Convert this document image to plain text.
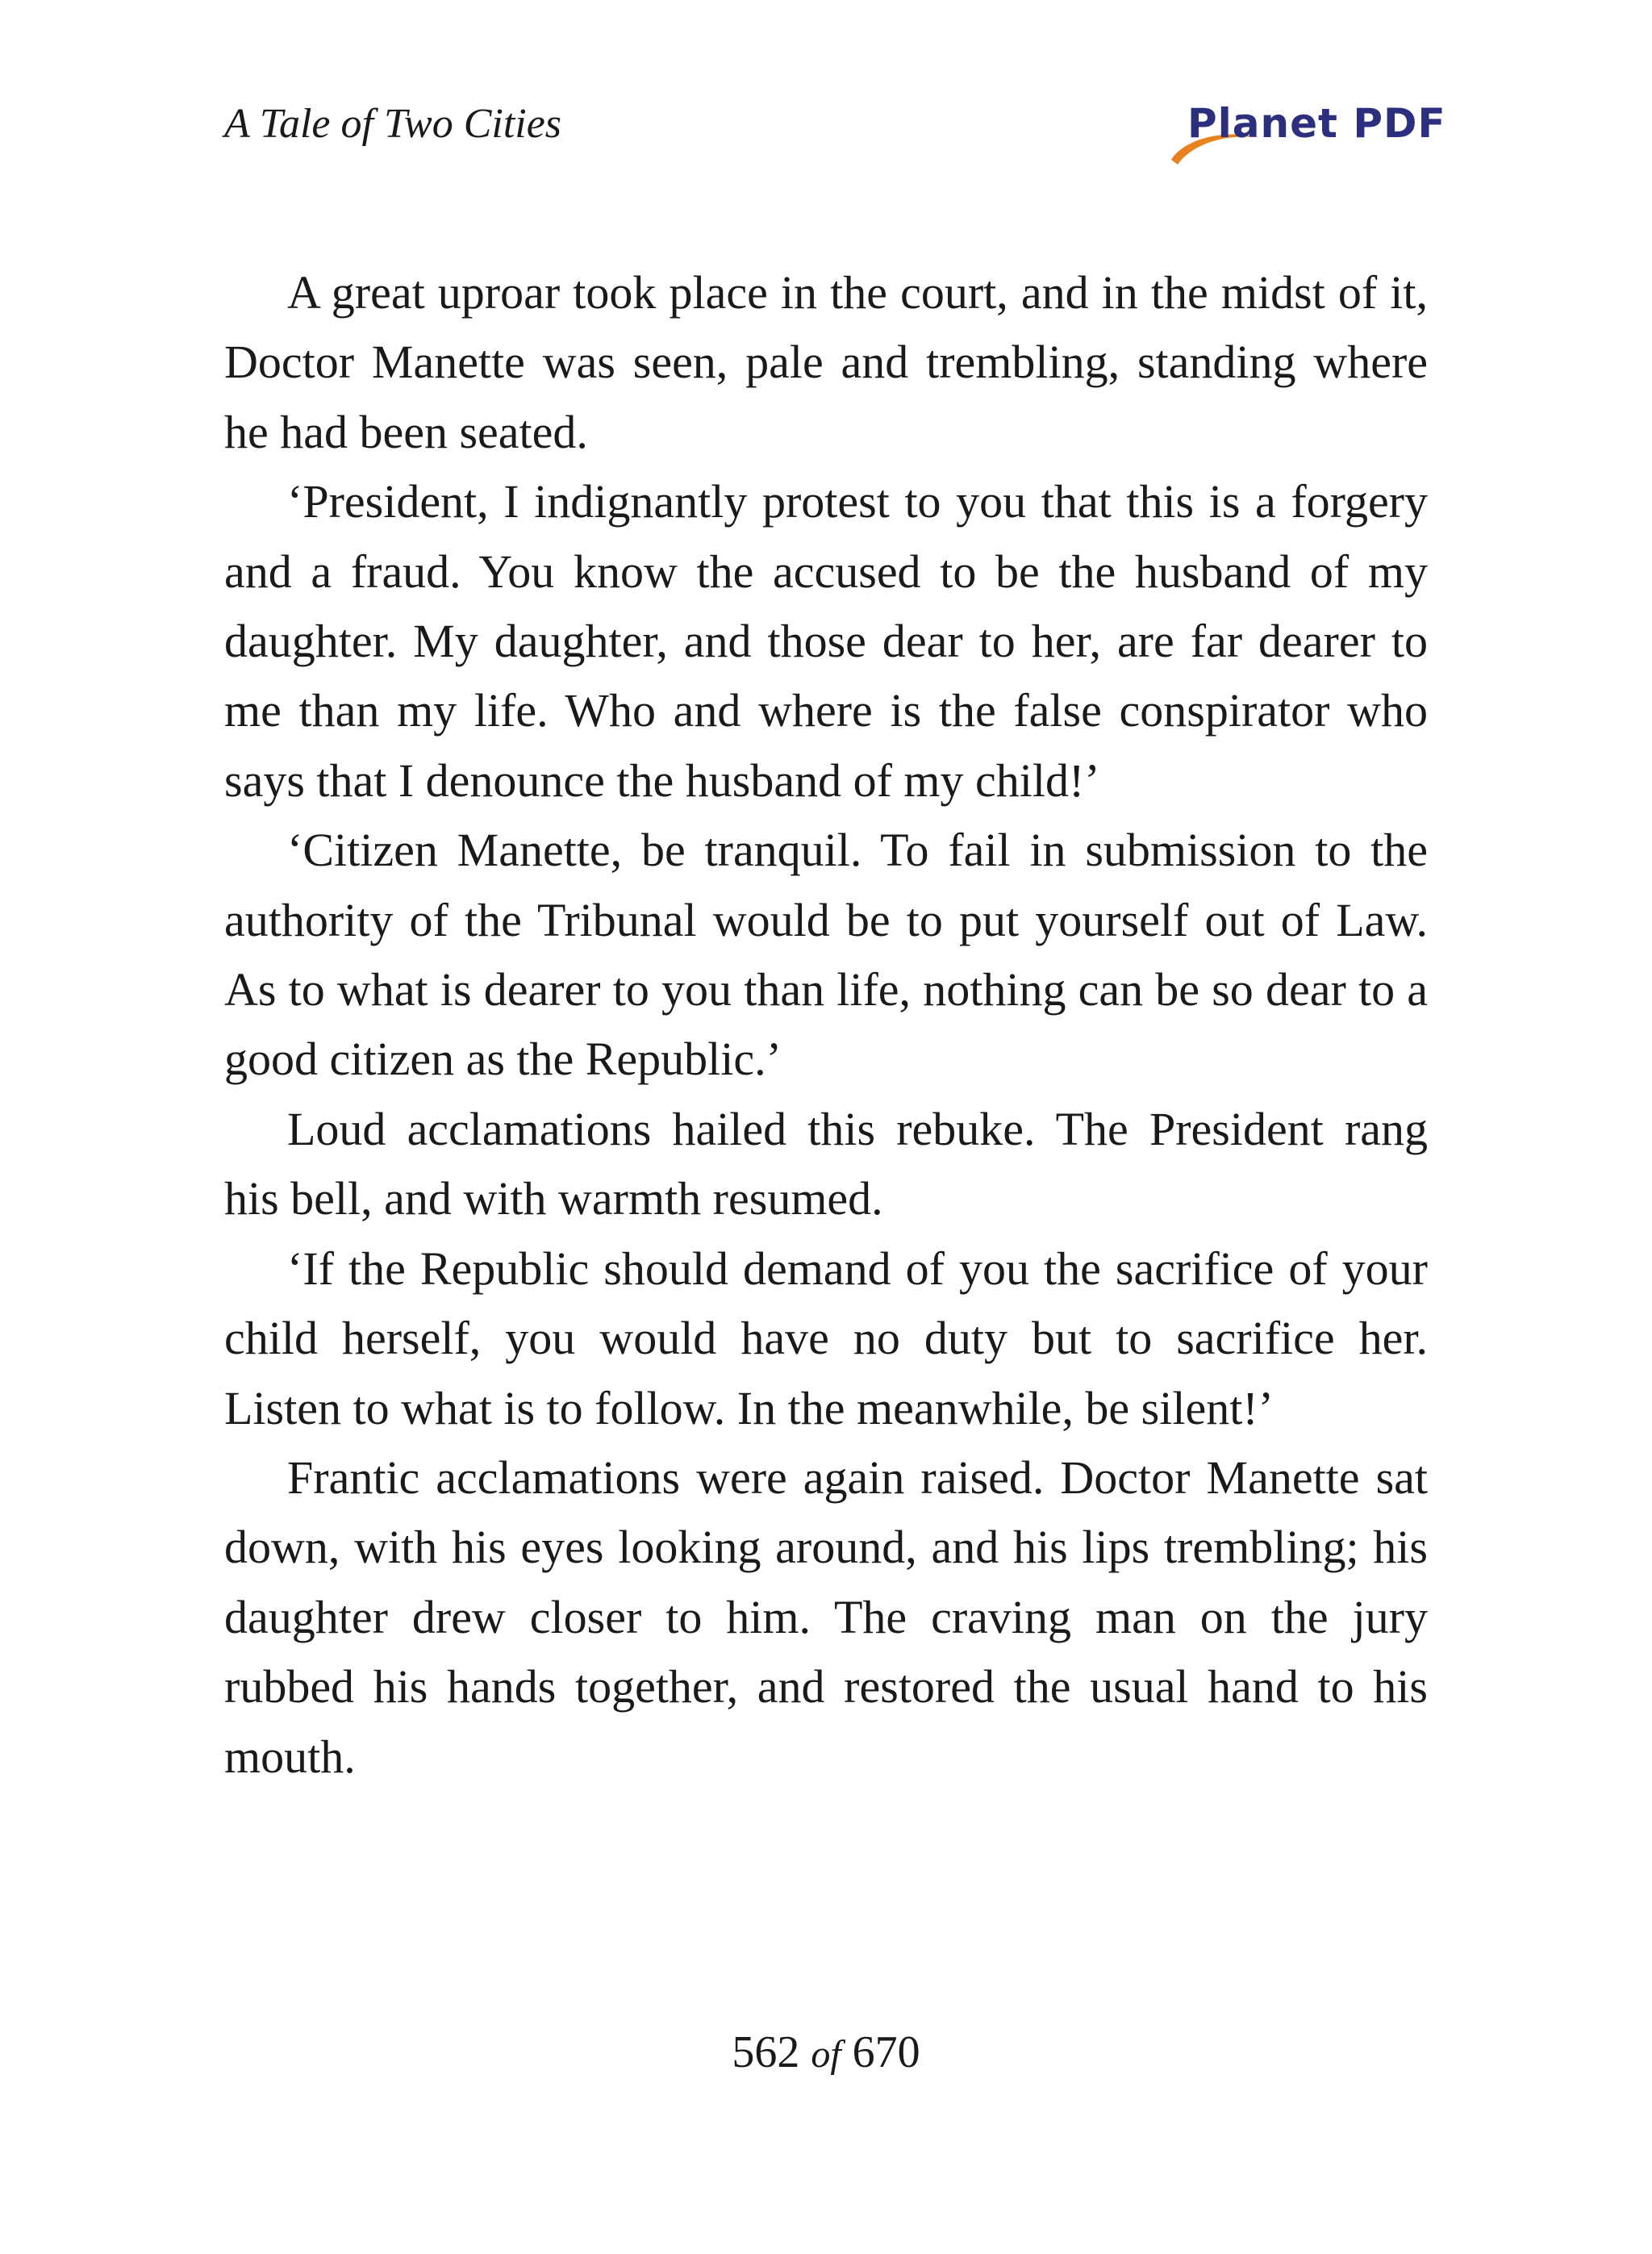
A Tale of Two Cities	Planet PDF

A great uproar took place in the court, and in the midst of it, Doctor Manette was seen, pale and trembling, standing where he had been seated.

‘President, I indignantly protest to you that this is a forgery and a fraud. You know the accused to be the husband of my daughter. My daughter, and those dear to her, are far dearer to me than my life. Who and where is the false conspirator who says that I denounce the husband of my child!’

‘Citizen Manette, be tranquil. To fail in submission to the authority of the Tribunal would be to put yourself out of Law. As to what is dearer to you than life, nothing can be so dear to a good citizen as the Republic.’

Loud acclamations hailed this rebuke. The President rang his bell, and with warmth resumed.

‘If the Republic should demand of you the sacrifice of your child herself, you would have no duty but to sacrifice her. Listen to what is to follow. In the meanwhile, be silent!’

Frantic acclamations were again raised. Doctor Manette sat down, with his eyes looking around, and his lips trembling; his daughter drew closer to him. The craving man on the jury rubbed his hands together, and restored the usual hand to his mouth.

562 of 670
